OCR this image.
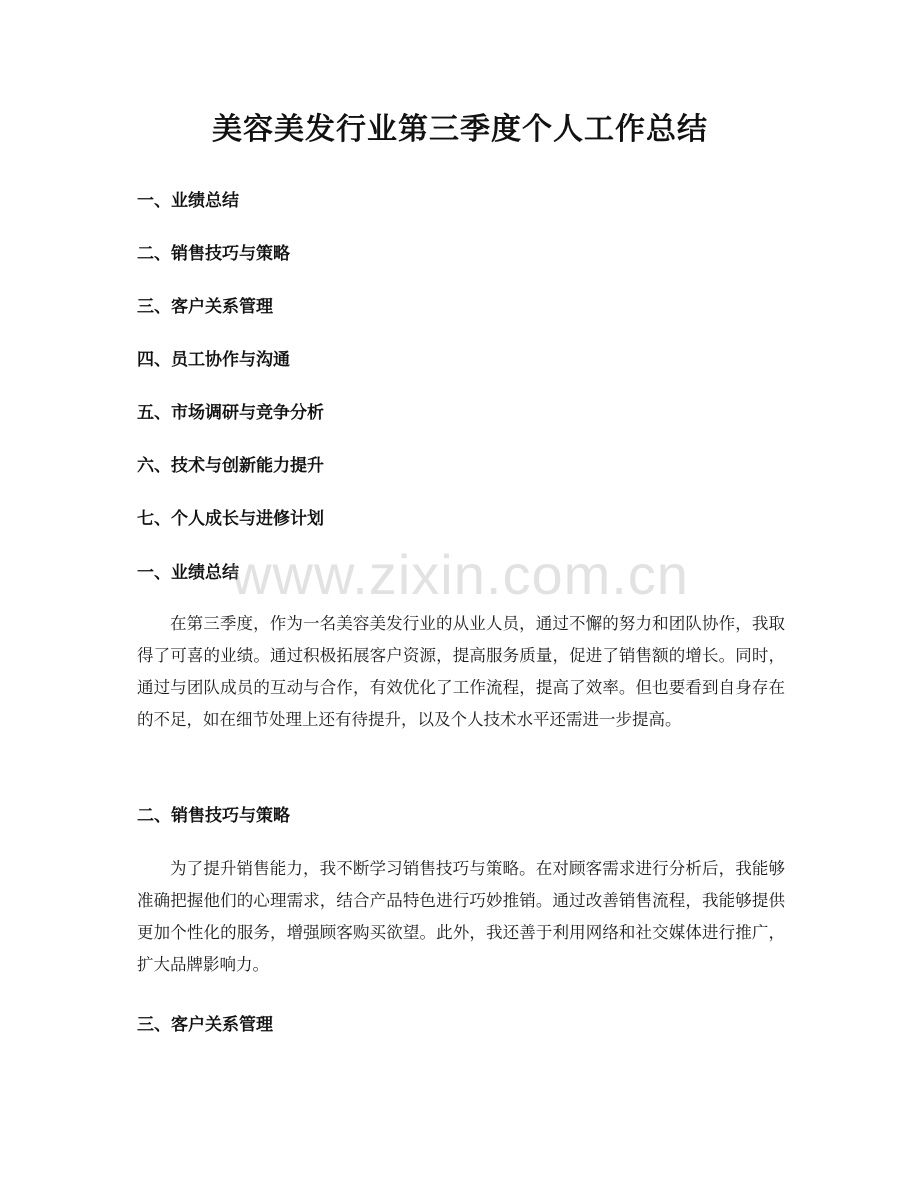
美容美发行业第三季度个人工作总结
一、业绩总结
二、销售技巧与策略
三、客户关系管理
四、员工协作与沟通
五、市场调研与竞争分析
六、技术与创新能力提升
七、个人成长与进修计划
一、业绩总结

在第三季度，作为一名美容美发行业的从业人员，通过不懈的努力和团队协作，我取得了可喜的业绩。通过积极拓展客户资源，提高服务质量，促进了销售额的增长。同时，通过与团队成员的互动与合作，有效优化了工作流程，提高了效率。但也要看到自身存在的不足，如在细节处理上还有待提升，以及个人技术水平还需进一步提高。

二、销售技巧与策略

为了提升销售能力，我不断学习销售技巧与策略。在对顾客需求进行分析后，我能够准确把握他们的心理需求，结合产品特色进行巧妙推销。通过改善销售流程，我能够提供更加个性化的服务，增强顾客购买欲望。此外，我还善于利用网络和社交媒体进行推广，扩大品牌影响力。

三、客户关系管理
www.zixin.com.cn
